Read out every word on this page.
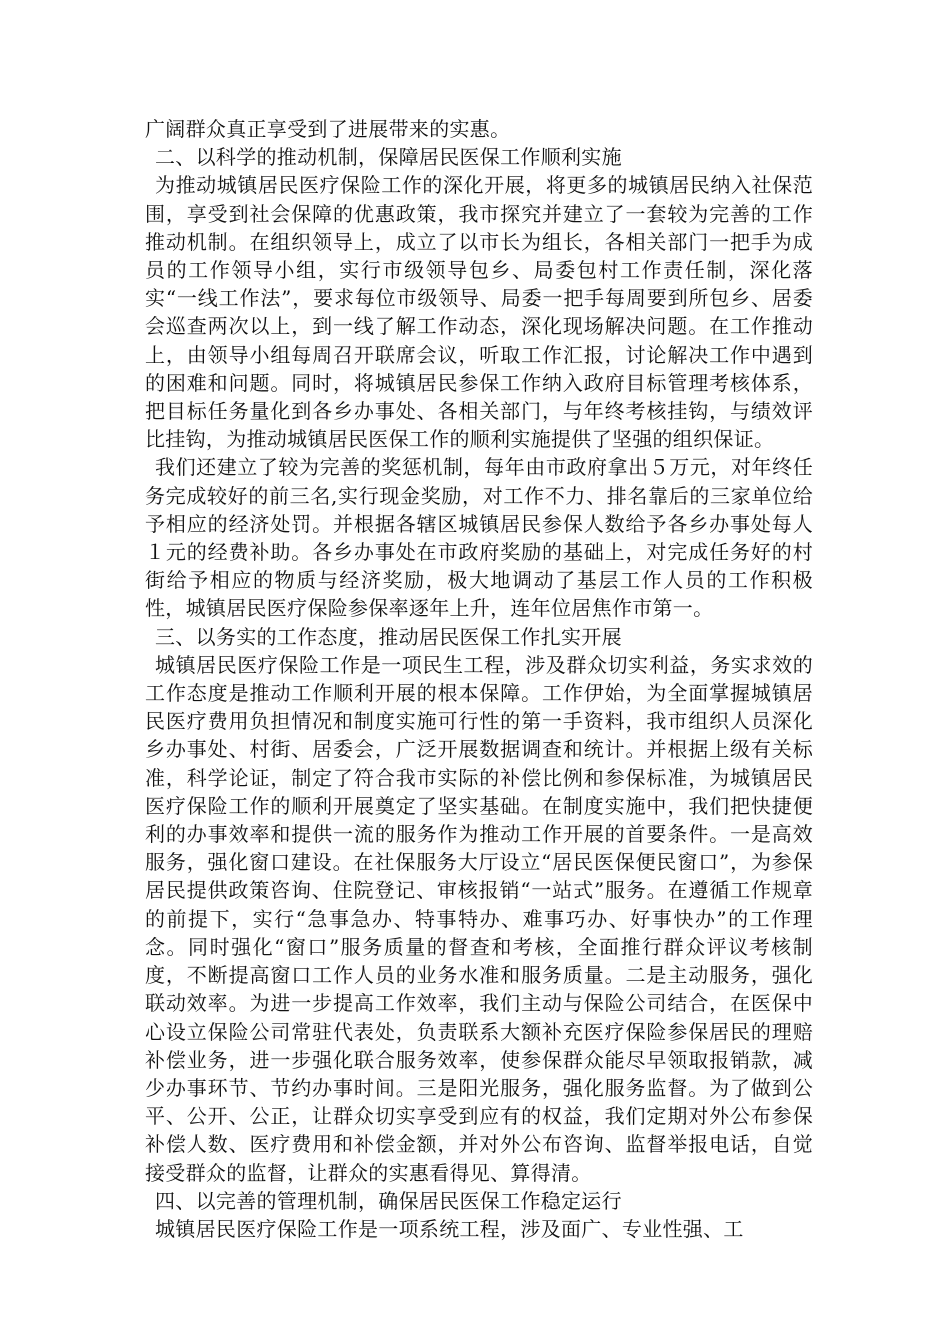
广阔群众真正享受到了进展带来的实惠。

二、以科学的推动机制，保障居民医保工作顺利实施

为推动城镇居民医疗保险工作的深化开展，将更多的城镇居民纳入社保范围，享受到社会保障的优惠政策，我市探究并建立了一套较为完善的工作推动机制。在组织领导上，成立了以市长为组长，各相关部门一把手为成员的工作领导小组，实行市级领导包乡、局委包村工作责任制，深化落实“一线工作法”，要求每位市级领导、局委一把手每周要到所包乡、居委会巡查两次以上，到一线了解工作动态，深化现场解决问题。在工作推动上，由领导小组每周召开联席会议，听取工作汇报，讨论解决工作中遇到的困难和问题。同时，将城镇居民参保工作纳入政府目标管理考核体系，把目标任务量化到各乡办事处、各相关部门，与年终考核挂钩，与绩效评比挂钩，为推动城镇居民医保工作的顺利实施提供了坚强的组织保证。

我们还建立了较为完善的奖惩机制，每年由市政府拿出５万元，对年终任务完成较好的前三名,实行现金奖励，对工作不力、排名靠后的三家单位给予相应的经济处罚。并根据各辖区城镇居民参保人数给予各乡办事处每人１元的经费补助。各乡办事处在市政府奖励的基础上，对完成任务好的村街给予相应的物质与经济奖励，极大地调动了基层工作人员的工作积极性，城镇居民医疗保险参保率逐年上升，连年位居焦作市第一。

三、以务实的工作态度，推动居民医保工作扎实开展

城镇居民医疗保险工作是一项民生工程，涉及群众切实利益，务实求效的工作态度是推动工作顺利开展的根本保障。工作伊始，为全面掌握城镇居民医疗费用负担情况和制度实施可行性的第一手资料，我市组织人员深化乡办事处、村街、居委会，广泛开展数据调查和统计。并根据上级有关标准，科学论证，制定了符合我市实际的补偿比例和参保标准，为城镇居民医疗保险工作的顺利开展奠定了坚实基础。在制度实施中，我们把快捷便利的办事效率和提供一流的服务作为推动工作开展的首要条件。一是高效服务，强化窗口建设。在社保服务大厅设立“居民医保便民窗口”，为参保居民提供政策咨询、住院登记、审核报销“一站式”服务。在遵循工作规章的前提下，实行“急事急办、特事特办、难事巧办、好事快办”的工作理念。同时强化“窗口”服务质量的督查和考核，全面推行群众评议考核制度，不断提高窗口工作人员的业务水准和服务质量。二是主动服务，强化联动效率。为进一步提高工作效率，我们主动与保险公司结合，在医保中心设立保险公司常驻代表处，负责联系大额补充医疗保险参保居民的理赔补偿业务，进一步强化联合服务效率，使参保群众能尽早领取报销款，减少办事环节、节约办事时间。三是阳光服务，强化服务监督。为了做到公平、公开、公正，让群众切实享受到应有的权益，我们定期对外公布参保补偿人数、医疗费用和补偿金额，并对外公布咨询、监督举报电话，自觉接受群众的监督，让群众的实惠看得见、算得清。

四、以完善的管理机制，确保居民医保工作稳定运行

城镇居民医疗保险工作是一项系统工程，涉及面广、专业性强、工
